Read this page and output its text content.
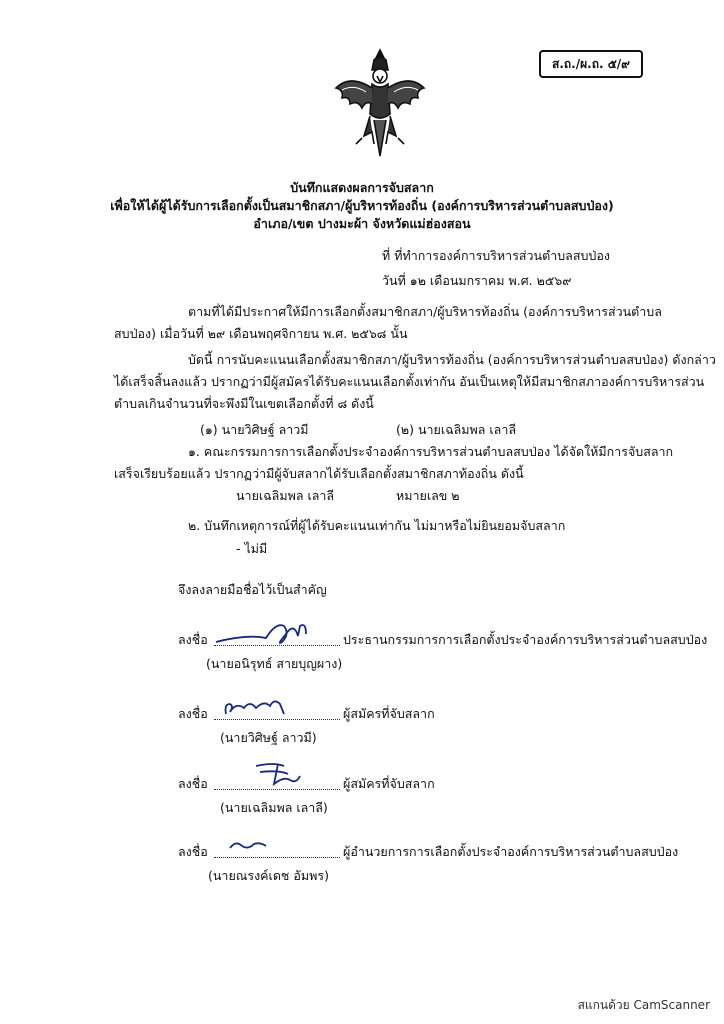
ส.ถ./ผ.ถ. ๕/๙
บันทึกแสดงผลการจับสลาก
เพื่อให้ได้ผู้ได้รับการเลือกตั้งเป็นสมาชิกสภา/ผู้บริหารท้องถิ่น (องค์การบริหารส่วนตำบลสบป่อง)
อำเภอ/เขต ปางมะผ้า จังหวัดแม่ฮ่องสอน
ที่ ที่ทำการองค์การบริหารส่วนตำบลสบป่อง
วันที่ ๑๒ เดือนมกราคม พ.ศ. ๒๕๖๙
ตามที่ได้มีประกาศให้มีการเลือกตั้งสมาชิกสภา/ผู้บริหารท้องถิ่น (องค์การบริหารส่วนตำบล
สบป่อง) เมื่อวันที่ ๒๙ เดือนพฤศจิกายน พ.ศ. ๒๕๖๘ นั้น
บัดนี้ การนับคะแนนเลือกตั้งสมาชิกสภา/ผู้บริหารท้องถิ่น (องค์การบริหารส่วนตำบลสบป่อง) ดังกล่าว
ได้เสร็จสิ้นลงแล้ว ปรากฏว่ามีผู้สมัครได้รับคะแนนเลือกตั้งเท่ากัน อันเป็นเหตุให้มีสมาชิกสภาองค์การบริหารส่วน
ตำบลเกินจำนวนที่จะพึงมีในเขตเลือกตั้งที่ ๘ ดังนี้
(๑) นายวิศิษฐ์ ลาวมี	(๒) นายเฉลิมพล เลาลี
๑. คณะกรรมการการเลือกตั้งประจำองค์การบริหารส่วนตำบลสบป่อง ได้จัดให้มีการจับสลาก
เสร็จเรียบร้อยแล้ว ปรากฏว่ามีผู้จับสลากได้รับเลือกตั้งสมาชิกสภาท้องถิ่น ดังนี้
นายเฉลิมพล เลาลี	หมายเลข ๒
๒. บันทึกเหตุการณ์ที่ผู้ได้รับคะแนนเท่ากัน ไม่มาหรือไม่ยินยอมจับสลาก
- ไม่มี
จึงลงลายมือชื่อไว้เป็นสำคัญ
ลงชื่อ	ประธานกรรมการการเลือกตั้งประจำองค์การบริหารส่วนตำบลสบป่อง
(นายอนิรุทธ์ สายบุญผาง)
ลงชื่อ	ผู้สมัครที่จับสลาก
(นายวิศิษฐ์ ลาวมี)
ลงชื่อ	ผู้สมัครที่จับสลาก
(นายเฉลิมพล เลาลี)
ลงชื่อ	ผู้อำนวยการการเลือกตั้งประจำองค์การบริหารส่วนตำบลสบป่อง
(นายณรงค์เดช อัมพร)
สแกนด้วย CamScanner
